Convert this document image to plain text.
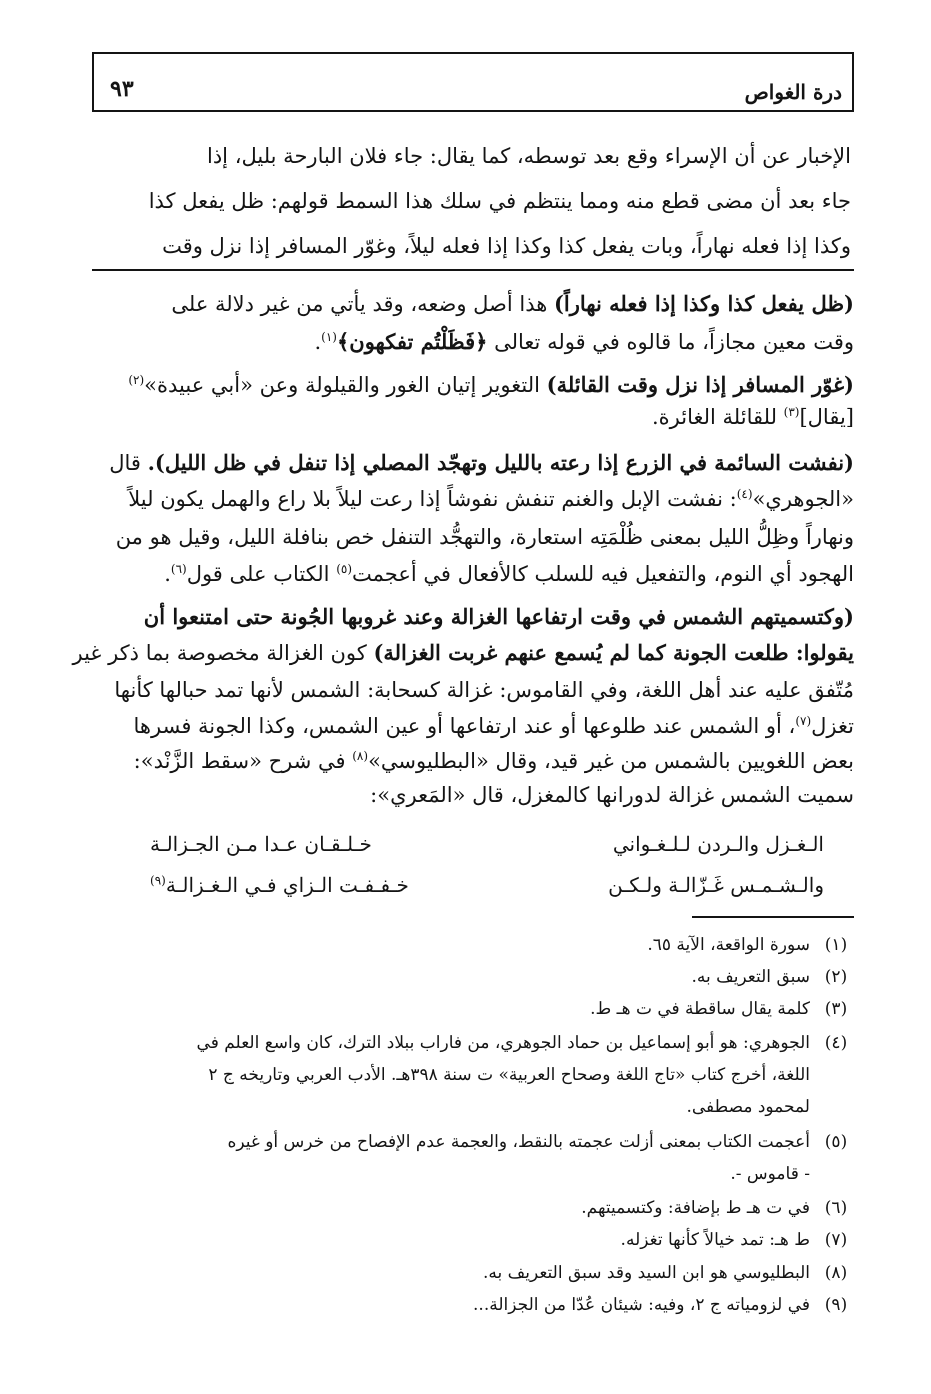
درة الغواص
٩٣
الإخبار عن أن الإسراء وقع بعد توسطه، كما يقال: جاء فلان البارحة بليل، إذا
جاء بعد أن مضى قطع منه ومما ينتظم في سلك هذا السمط قولهم: ظل يفعل كذا
وكذا إذا فعله نهاراً، وبات يفعل كذا وكذا إذا فعله ليلاً، وغوّر المسافر إذا نزل وقت
(ظل يفعل كذا وكذا إذا فعله نهاراً) هذا أصل وضعه، وقد يأتي من غير دلالة على
وقت معين مجازاً، ما قالوه في قوله تعالى ﴿فَظَلْتُم تفكهون﴾$^{(١)}$.
(غوّر المسافر إذا نزل وقت القائلة) التغوير إتيان الغور والقيلولة وعن «أبي عبيدة»$^{(٢)}$
[يقال]$^{(٣)}$ للقائلة الغائرة.
(نفشت السائمة في الزرع إذا رعته بالليل وتهجّد المصلي إذا تنفل في ظل الليل). قال
«الجوهري»$^{(٤)}$: نفشت الإبل والغنم تنفش نفوشاً إذا رعت ليلاً بلا راع والهمل يكون ليلاً
ونهاراً وظِلُّ الليل بمعنى ظُلْمَتِه استعارة، والتهجُّد التنفل خص بنافلة الليل، وقيل هو من
الهجود أي النوم، والتفعيل فيه للسلب كالأفعال في أعجمت$^{(٥)}$ الكتاب على قول$^{(٦)}$.
(وكتسميتهم الشمس في وقت ارتفاعها الغزالة وعند غروبها الجُونة حتى امتنعوا أن
يقولوا: طلعت الجونة كما لم يُسمع عنهم غربت الغزالة) كون الغزالة مخصوصة بما ذكر غير
مُتّفق عليه عند أهل اللغة، وفي القاموس: غزالة كسحابة: الشمس لأنها تمد حبالها كأنها
تغزل$^{(٧)}$، أو الشمس عند طلوعها أو عند ارتفاعها أو عين الشمس، وكذا الجونة فسرها
بعض اللغويين بالشمس من غير قيد، وقال «البطليوسي»$^{(٨)}$ في شرح «سقط الزَّنْد»:
سميت الشمس غزالة لدورانها كالمغزل، قال «المَعري»:
الـغـزل والـردن لـلـغـواني
خـلـقـان عـدا مـن الجـزالـة
والـشـمـس غَـزّالـة ولـكـن
خـفـفـت الـزاي فـي الـغـزالـة$^{(٩)}$
(١)
سورة الواقعة، الآية ٦٥.
(٢)
سبق التعريف به.
(٣)
كلمة يقال ساقطة في ت هـ ط.
(٤)
الجوهري: هو أبو إسماعيل بن حماد الجوهري، من فاراب ببلاد الترك، كان واسع العلم في
اللغة، أخرج كتاب «تاج اللغة وصحاح العربية» ت سنة ٣٩٨هـ. الأدب العربي وتاريخه ج ٢
لمحمود مصطفى.
(٥)
أعجمت الكتاب بمعنى أزلت عجمته بالنقط، والعجمة عدم الإفصاح من خرس أو غيره
- قاموس -.
(٦)
في ت هـ ط بإضافة: وكتسميتهم.
(٧)
ط هـ: تمد خيالاً كأنها تغزله.
(٨)
البطليوسي هو ابن السيد وقد سبق التعريف به.
(٩)
في لزومياته ج ٢، وفيه: شيئان عُدّا من الجزالة...
